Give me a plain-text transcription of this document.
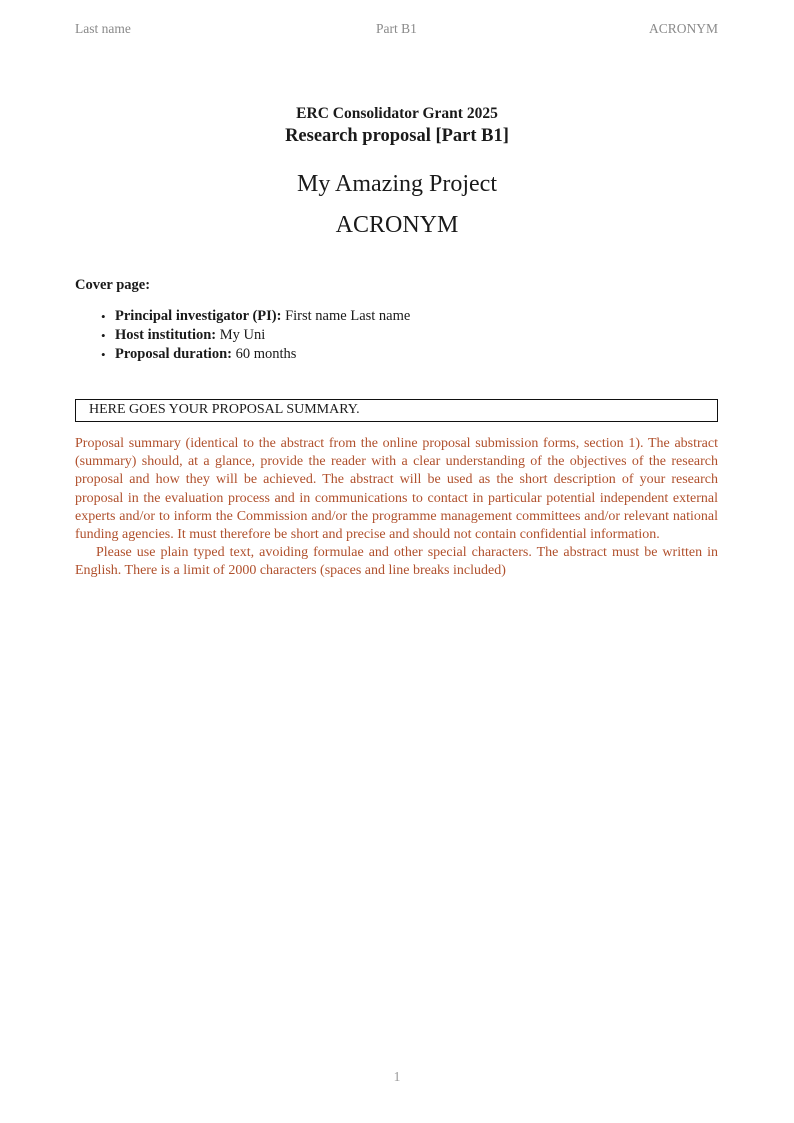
Part B1
Last name	ACRONYM
ERC Consolidator Grant 2025
Research proposal [Part B1]
My Amazing Project
ACRONYM
Cover page:
• Principal investigator (PI): First name Last name
• Host institution: My Uni
• Proposal duration: 60 months
HERE GOES YOUR PROPOSAL SUMMARY.

Proposal summary (identical to the abstract from the online proposal submission forms, section 1). The abstract (summary) should, at a glance, provide the reader with a clear understanding of the objectives of the research proposal and how they will be achieved. The abstract will be used as the short description of your research proposal in the evaluation process and in communications to contact in particular potential independent external experts and/or to inform the Commission and/or the programme management committees and/or relevant national funding agencies. It must therefore be short and precise and should not contain confidential information.

Please use plain typed text, avoiding formulae and other special characters. The abstract must be written in English. There is a limit of 2000 characters (spaces and line breaks included)

1
